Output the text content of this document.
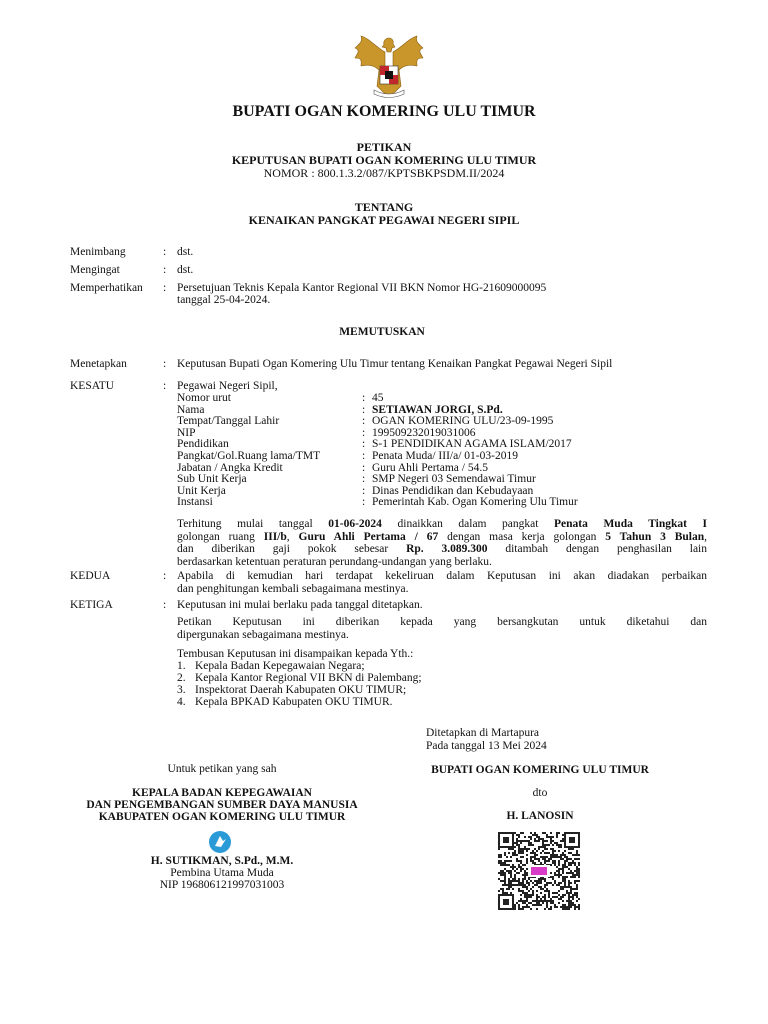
BUPATI OGAN KOMERING ULU TIMUR
PETIKAN
KEPUTUSAN BUPATI OGAN KOMERING ULU TIMUR
NOMOR : 800.1.3.2/087/KPTSBKPSDM.II/2024
TENTANG
KENAIKAN PANGKAT PEGAWAI NEGERI SIPIL
Menimbang	: dst.
Mengingat	: dst.
Memperhatikan : Persetujuan Teknis Kepala Kantor Regional VII BKN Nomor HG-21609000095
tanggal 25-04-2024.
MEMUTUSKAN
Menetapkan	: Keputusan Bupati Ogan Komering Ulu Timur tentang Kenaikan Pangkat Pegawai Negeri Sipil
KESATU	: Pegawai Negeri Sipil,
Nomor urut	: 45
Nama	: SETIAWAN JORGI, S.Pd.
Tempat/Tanggal Lahir	: OGAN KOMERING ULU/23-09-1995
NIP	: 199509232019031006
Pendidikan	: S-1 PENDIDIKAN AGAMA ISLAM/2017
Pangkat/Gol.Ruang lama/TMT	: Penata Muda/ III/a/ 01-03-2019
Jabatan / Angka Kredit	: Guru Ahli Pertama / 54.5
Sub Unit Kerja	: SMP Negeri 03 Semendawai Timur
Unit Kerja	: Dinas Pendidikan dan Kebudayaan
Instansi	: Pemerintah Kab. Ogan Komering Ulu Timur
Terhitung mulai tanggal 01-06-2024 dinaikkan dalam pangkat Penata Muda Tingkat I
golongan ruang III/b, Guru Ahli Pertama / 67 dengan masa kerja golongan 5 Tahun 3 Bulan,
dan diberikan gaji pokok sebesar Rp. 3.089.300 ditambah dengan penghasilan lain
berdasarkan ketentuan peraturan perundang-undangan yang berlaku.
KEDUA	: Apabila di kemudian hari terdapat kekeliruan dalam Keputusan ini akan diadakan perbaikan
dan penghitungan kembali sebagaimana mestinya.
KETIGA	: Keputusan ini mulai berlaku pada tanggal ditetapkan.
Petikan Keputusan ini diberikan kepada yang bersangkutan untuk diketahui dan
dipergunakan sebagaimana mestinya.
Tembusan Keputusan ini disampaikan kepada Yth.:
1. Kepala Badan Kepegawaian Negara;
2. Kepala Kantor Regional VII BKN di Palembang;
3. Inspektorat Daerah Kabupaten OKU TIMUR;
4. Kepala BPKAD Kabupaten OKU TIMUR.
Ditetapkan di Martapura
Pada tanggal 13 Mei 2024
BUPATI OGAN KOMERING ULU TIMUR
dto
H. LANOSIN
Untuk petikan yang sah
KEPALA BADAN KEPEGAWAIAN
DAN PENGEMBANGAN SUMBER DAYA MANUSIA
KABUPATEN OGAN KOMERING ULU TIMUR
H. SUTIKMAN, S.Pd., M.M.
Pembina Utama Muda
NIP 196806121997031003
